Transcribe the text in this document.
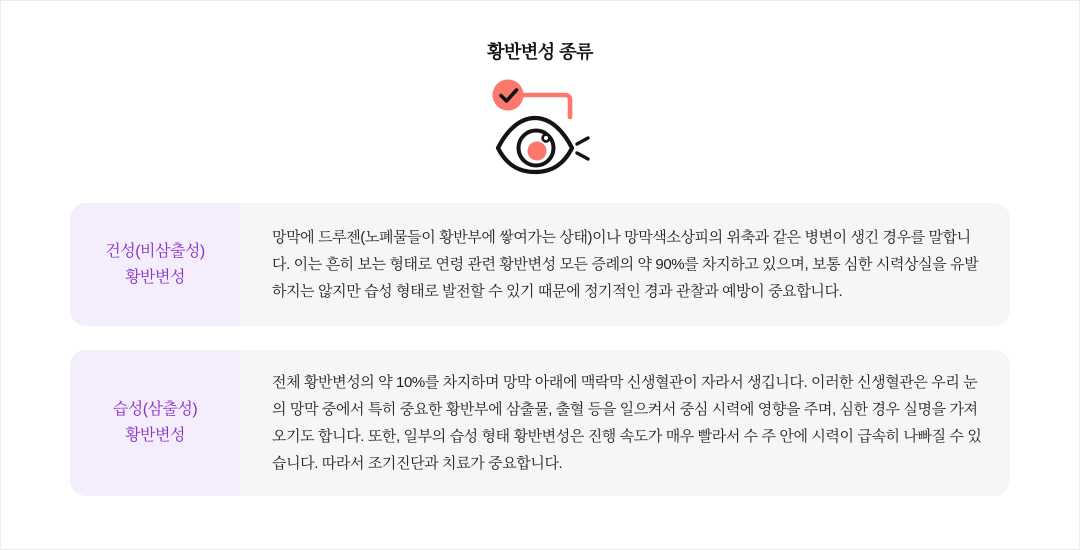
황반변성 종류
건성(비삼출성)
황반변성

망막에 드루젠(노폐물들이 황반부에 쌓여가는 상태)이나 망막색소상피의 위축과 같은 병변이 생긴 경우를 말합니다. 이는 흔히 보는 형태로 연령 관련 황반변성 모든 증례의 약 90%를 차지하고 있으며, 보통 심한 시력상실을 유발하지는 않지만 습성 형태로 발전할 수 있기 때문에 정기적인 경과 관찰과 예방이 중요합니다.

습성(삼출성)
황반변성

전체 황반변성의 약 10%를 차지하며 망막 아래에 맥락막 신생혈관이 자라서 생깁니다. 이러한 신생혈관은 우리 눈의 망막 중에서 특히 중요한 황반부에 삼출물, 출혈 등을 일으켜서 중심 시력에 영향을 주며, 심한 경우 실명을 가져오기도 합니다. 또한, 일부의 습성 형태 황반변성은 진행 속도가 매우 빨라서 수 주 안에 시력이 급속히 나빠질 수 있습니다. 따라서 조기진단과 치료가 중요합니다.
